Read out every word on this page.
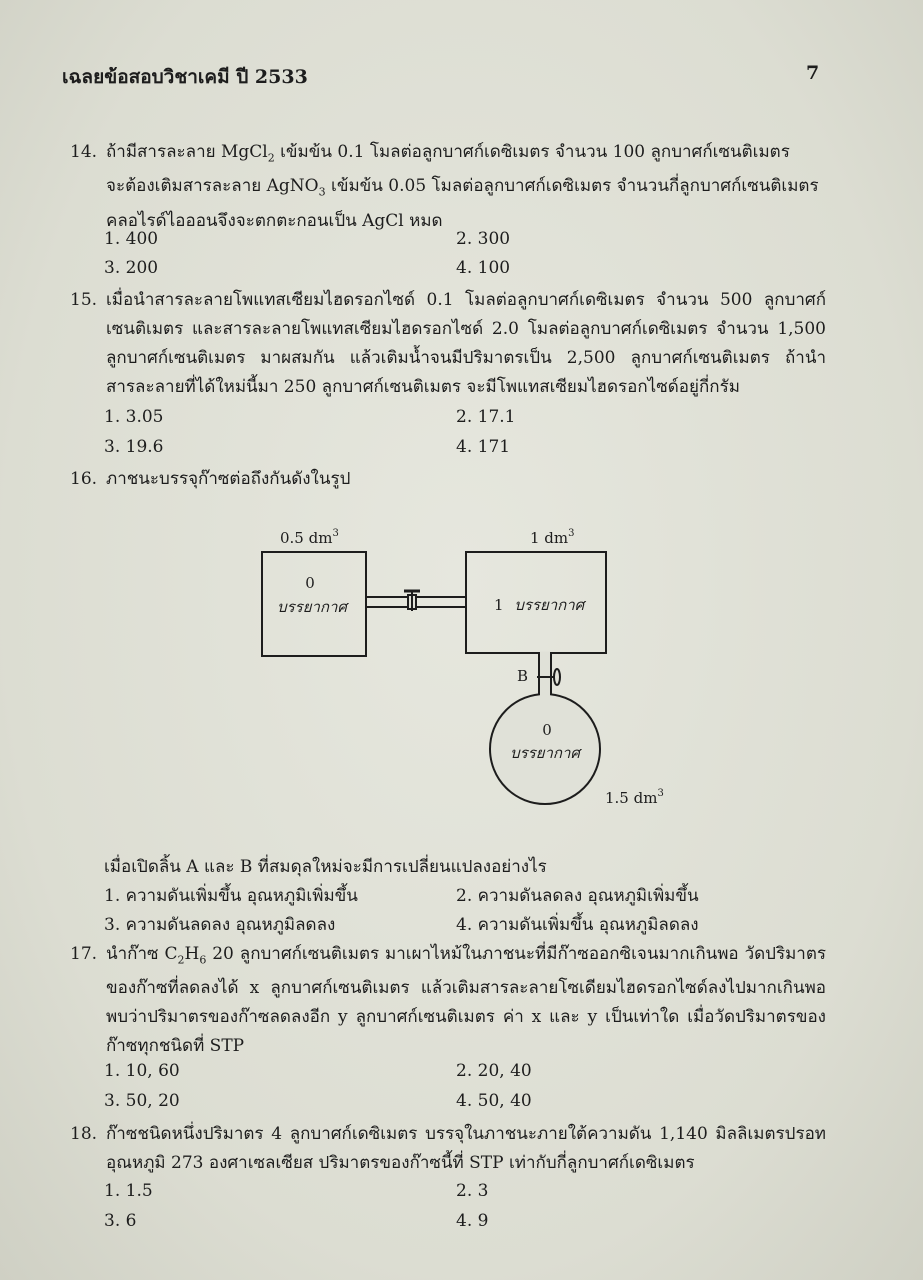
เฉลยข้อสอบวิชาเคมี ปี 2533	7
14. ถ้ามีสารละลาย MgCl$_2$ เข้มข้น 0.1 โมลต่อลูกบาศก์เดซิเมตร จำนวน 100 ลูกบาศก์เซนติเมตร
จะต้องเติมสารละลาย AgNO$_3$ เข้มข้น 0.05 โมลต่อลูกบาศก์เดซิเมตร จำนวนกี่ลูกบาศก์เซนติเมตร
คลอไรด์ไอออนจึงจะตกตะกอนเป็น AgCl หมด
1. 400	2. 300
3. 200	4. 100
15. เมื่อนำสารละลายโพแทสเซียมไฮดรอกไซด์ 0.1 โมลต่อลูกบาศก์เดซิเมตร จำนวน 500 ลูกบาศก์เซนติเมตร และสารละลายโพแทสเซียมไฮดรอกไซด์ 2.0 โมลต่อลูกบาศก์เดซิเมตร จำนวน 1,500 ลูกบาศก์เซนติเมตร มาผสมกัน แล้วเติมน้ำจนมีปริมาตรเป็น 2,500 ลูกบาศก์เซนติเมตร ถ้านำสารละลายที่ได้ใหม่นี้มา 250 ลูกบาศก์เซนติเมตร จะมีโพแทสเซียมไฮดรอกไซด์อยู่กี่กรัม
1. 3.05	2. 17.1
3. 19.6	4. 171
16. ภาชนะบรรจุก๊าซต่อถึงกันดังในรูป
0.5 $dm^3$	1 $dm^3$
1.5 $dm^3$
0
บรรยากาศ	1 บรรยากาศ
B
0
บรรยากาศ
เมื่อเปิดลิ้น A และ B ที่สมดุลใหม่จะมีการเปลี่ยนแปลงอย่างไร
1. ความดันเพิ่มขึ้น อุณหภูมิเพิ่มขึ้น	2. ความดันลดลง อุณหภูมิเพิ่มขึ้น
3. ความดันลดลง อุณหภูมิลดลง	4. ความดันเพิ่มขึ้น อุณหภูมิลดลง
17. นำก๊าซ $C_2H_6$ 20 ลูกบาศก์เซนติเมตร มาเผาไหม้ในภาชนะที่มีก๊าซออกซิเจนมากเกินพอ วัดปริมาตร ของก๊าซที่ลดลงได้ x ลูกบาศก์เซนติเมตร แล้วเติมสารละลายโซเดียมไฮดรอกไซด์ลงไปมากเกินพอ พบว่าปริมาตรของก๊าซลดลงอีก y ลูกบาศก์เซนติเมตร ค่า x และ y เป็นเท่าใด เมื่อวัดปริมาตรของก๊าซทุกชนิดที่ STP
1. 10, 60	2. 20, 40
3. 50, 20	4. 50, 40
18. ก๊าซชนิดหนึ่งปริมาตร 4 ลูกบาศก์เดซิเมตร บรรจุในภาชนะภายใต้ความดัน 1,140 มิลลิเมตรปรอท อุณหภูมิ 273 องศาเซลเซียส ปริมาตรของก๊าซนี้ที่ STP เท่ากับกี่ลูกบาศก์เดซิเมตร
1. 1.5	2. 3
3. 6	4. 9
